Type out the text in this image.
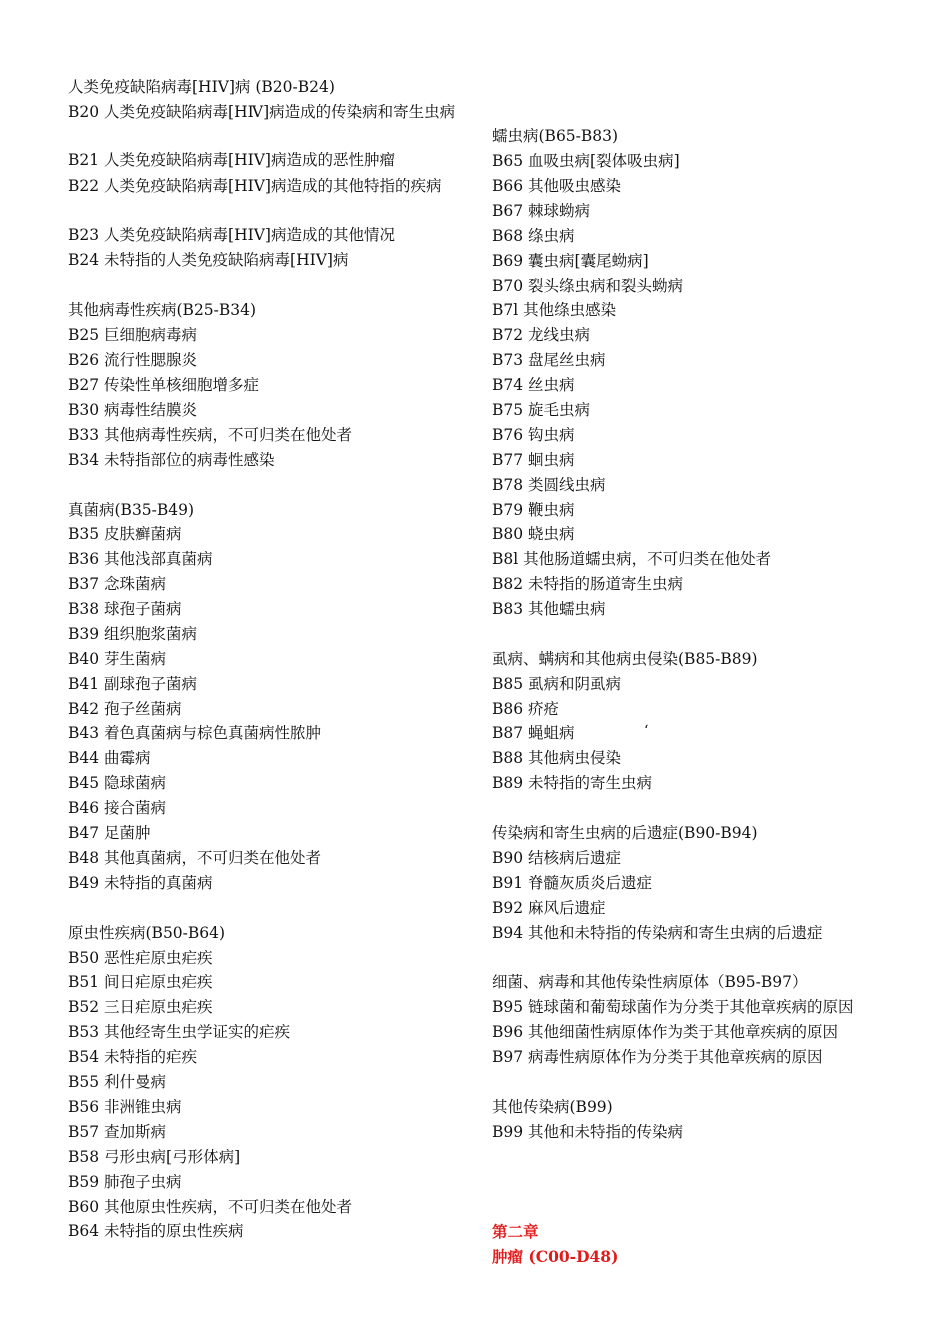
人类免疫缺陷病毒[HIV]病 (B20-B24)
B20 人类免疫缺陷病毒[HⅣ]病造成的传染病和寄生虫病
B21 人类免疫缺陷病毒[HIV]病造成的恶性肿瘤
B22 人类免疫缺陷病毒[HIV]病造成的其他特指的疾病
B23 人类免疫缺陷病毒[HIV]病造成的其他情况
B24 未特指的人类免疫缺陷病毒[HIV]病
其他病毒性疾病(B25-B34)
B25 巨细胞病毒病
B26 流行性腮腺炎
B27 传染性单核细胞增多症
B30 病毒性结膜炎
B33 其他病毒性疾病，不可归类在他处者
B34 未特指部位的病毒性感染
真菌病(B35-B49)
B35 皮肤癣菌病
B36 其他浅部真菌病
B37 念珠菌病
B38 球孢子菌病
B39 组织胞浆菌病
B40 芽生菌病
B41 副球孢子菌病
B42 孢子丝菌病
B43 着色真菌病与棕色真菌病性脓肿
B44 曲霉病
B45 隐球菌病
B46 接合菌病
B47 足菌肿
B48 其他真菌病，不可归类在他处者
B49 未特指的真菌病
原虫性疾病(B50-B64)
B50 恶性疟原虫疟疾
B51 间日疟原虫疟疾
B52 三日疟原虫疟疾
B53 其他经寄生虫学证实的疟疾
B54 未特指的疟疾
B55 利什曼病
B56 非洲锥虫病
B57 查加斯病
B58 弓形虫病[弓形体病]
B59 肺孢子虫病
B60 其他原虫性疾病，不可归类在他处者
B64 未特指的原虫性疾病
蠕虫病(B65-B83)
B65 血吸虫病[裂体吸虫病]
B66 其他吸虫感染
B67 棘球蚴病
B68 绦虫病
B69 囊虫病[囊尾蚴病]
B70 裂头绦虫病和裂头蚴病
B7l 其他绦虫感染
B72 龙线虫病
B73 盘尾丝虫病
B74 丝虫病
B75 旋毛虫病
B76 钩虫病
B77 蛔虫病
B78 类圆线虫病
B79 鞭虫病
B80 蛲虫病
B8l 其他肠道蠕虫病，不可归类在他处者
B82 未特指的肠道寄生虫病
B83 其他蠕虫病
虱病、螨病和其他病虫侵染(B85-B89)
B85 虱病和阴虱病
B86 疥疮
B87 蝇蛆病
B88 其他病虫侵染
B89 未特指的寄生虫病
传染病和寄生虫病的后遗症(B90-B94)
B90 结核病后遗症
B91 脊髓灰质炎后遗症
B92 麻风后遗症
B94 其他和未特指的传染病和寄生虫病的后遗症
细菌、病毒和其他传染性病原体（B95-B97）
B95 链球菌和葡萄球菌作为分类于其他章疾病的原因
B96 其他细菌性病原体作为类于其他章疾病的原因
B97 病毒性病原体作为分类于其他章疾病的原因
其他传染病(B99)
B99 其他和未特指的传染病
第二章
肿瘤 (C00-D48)
‘
